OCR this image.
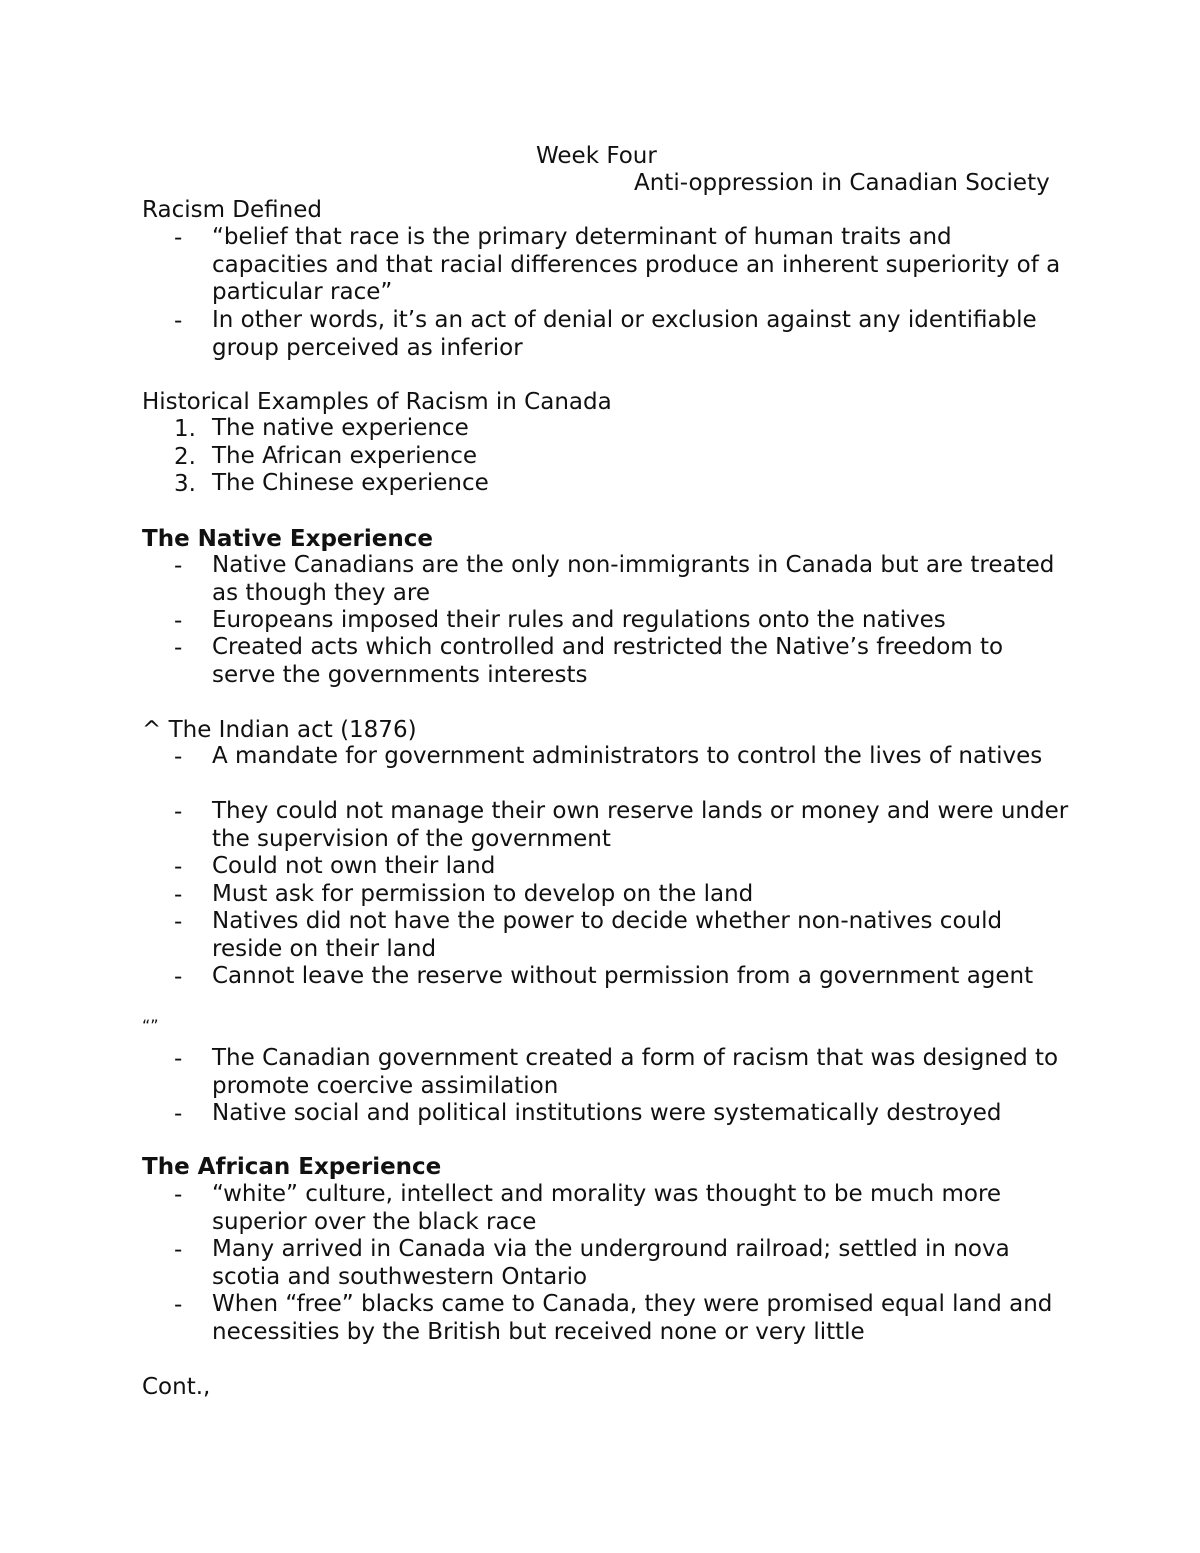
Week Four
Anti-oppression in Canadian Society
Racism Defined
- “belief that race is the primary determinant of human traits and capacities and that racial differences produce an inherent superiority of a particular race”
- In other words, it’s an act of denial or exclusion against any identifiable group perceived as inferior
Historical Examples of Racism in Canada
1. The native experience
2. The African experience
3. The Chinese experience
The Native Experience
- Native Canadians are the only non-immigrants in Canada but are treated as though they are
- Europeans imposed their rules and regulations onto the natives
- Created acts which controlled and restricted the Native’s freedom to serve the governments interests
^ The Indian act (1876)
- A mandate for government administrators to control the lives of natives
- They could not manage their own reserve lands or money and were under the supervision of the government
- Could not own their land
- Must ask for permission to develop on the land
- Natives did not have the power to decide whether non-natives could reside on their land
- Cannot leave the reserve without permission from a government agent
“”
- The Canadian government created a form of racism that was designed to promote coercive assimilation
- Native social and political institutions were systematically destroyed
The African Experience
- “white” culture, intellect and morality was thought to be much more superior over the black race
- Many arrived in Canada via the underground railroad; settled in nova scotia and southwestern Ontario
- When “free” blacks came to Canada, they were promised equal land and necessities by the British but received none or very little
Cont.,
